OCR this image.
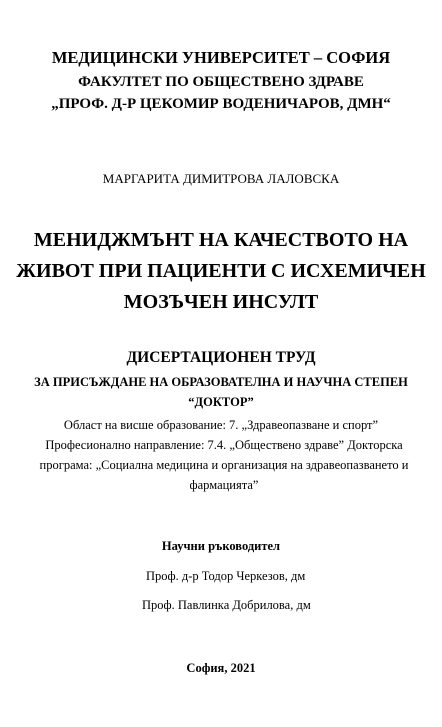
МЕДИЦИНСКИ УНИВЕРСИТЕТ – СОФИЯ
ФАКУЛТЕТ ПО ОБЩЕСТВЕНО ЗДРАВЕ
„ПРОФ. Д-Р ЦЕКОМИР ВОДЕНИЧАРОВ, ДМН“
МАРГАРИТА ДИМИТРОВА ЛАЛОВСКА
МЕНИДЖМЪНТ НА КАЧЕСТВОТО НА
ЖИВОТ ПРИ ПАЦИЕНТИ С ИСХЕМИЧЕН
МОЗЪЧЕН ИНСУЛТ
ДИСЕРТАЦИОНЕН ТРУД
ЗА ПРИСЪЖДАНЕ НА ОБРАЗОВАТЕЛНА И НАУЧНА СТЕПЕН
“ДОКТОР”
Област на висше образование: 7. „Здравеопазване и спорт”
Професионално направление: 7.4. „Обществено здраве” Докторска програма: „Социална медицина и организация на здравеопазването и фармацията”
Научни ръководител
Проф. д-р Тодор Черкезов, дм
Проф. Павлинка Добрилова, дм
София, 2021
